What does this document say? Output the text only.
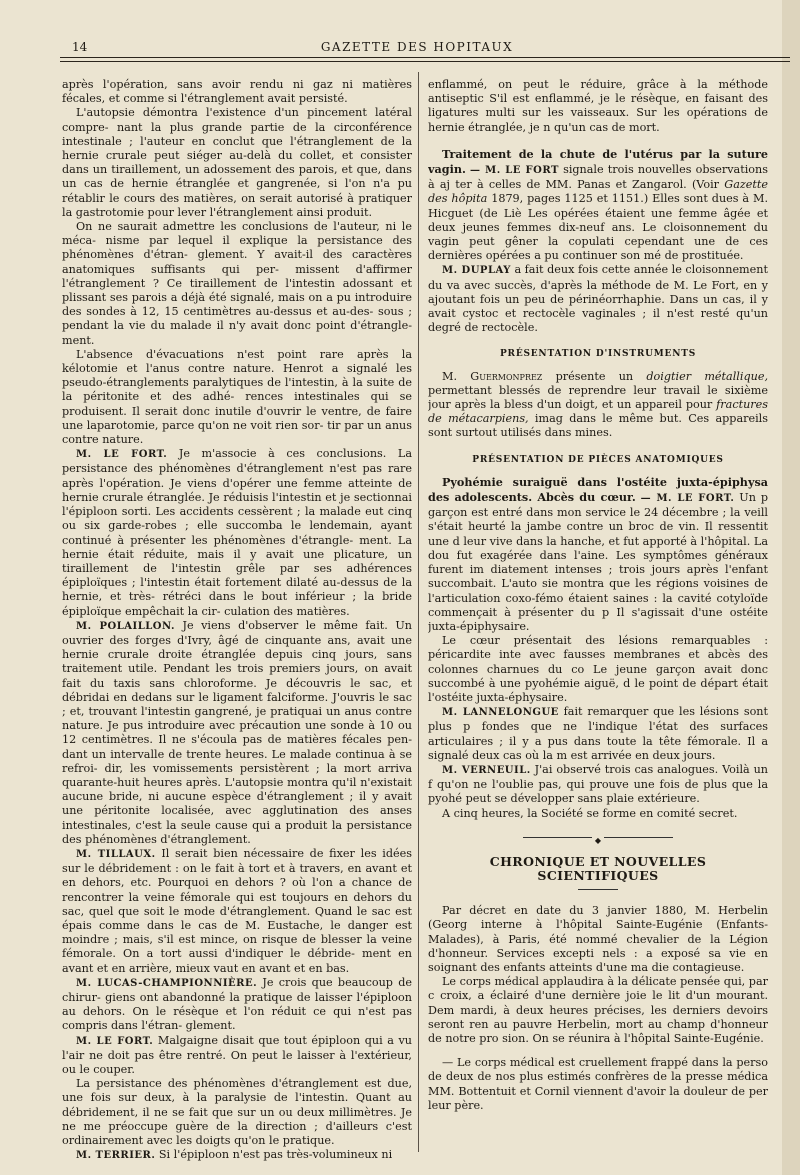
14	GAZETTE DES HOPITAUX

après l'opération, sans avoir rendu ni gaz ni matières fécales, et comme si l'étranglement avait persisté.

L'autopsie démontra l'existence d'un pincement latéral compre- nant la plus grande partie de la circonférence intestinale ; l'auteur en conclut que l'étranglement de la hernie crurale peut siéger au-delà du collet, et consister dans un tiraillement, un adossement des parois, et que, dans un cas de hernie étranglée et gangrenée, si l'on n'a pu rétablir le cours des matières, on serait autorisé à pratiquer la gastrotomie pour lever l'étranglement ainsi produit.

On ne saurait admettre les conclusions de l'auteur, ni le méca- nisme par lequel il explique la persistance des phénomènes d'étran- glement. Y avait-il des caractères anatomiques suffisants qui per- missent d'affirmer l'étranglement ? Ce tiraillement de l'intestin adossant et plissant ses parois a déjà été signalé, mais on a pu introduire des sondes à 12, 15 centimètres au-dessus et au-des- sous ; pendant la vie du malade il n'y avait donc point d'étrangle- ment.

L'absence d'évacuations n'est point rare après la kélotomie et l'anus contre nature. Henrot a signalé les pseudo-étranglements paralytiques de l'intestin, à la suite de la péritonite et des adhé- rences intestinales qui se produisent. Il serait donc inutile d'ouvrir le ventre, de faire une laparotomie, parce qu'on ne voit rien sor- tir par un anus contre nature.

M. LE FORT. Je m'associe à ces conclusions. La persistance des phénomènes d'étranglement n'est pas rare après l'opération. Je viens d'opérer une femme atteinte de hernie crurale étranglée. Je réduisis l'intestin et je sectionnai l'épiploon sorti. Les accidents cessèrent ; la malade eut cinq ou six garde-robes ; elle succomba le lendemain, ayant continué à présenter les phénomènes d'étrangle- ment. La hernie était réduite, mais il y avait une plicature, un tiraillement de l'intestin grêle par ses adhérences épiploïques ; l'intestin était fortement dilaté au-dessus de la hernie, et très- rétréci dans le bout inférieur ; la bride épiploïque empêchait la cir- culation des matières.

M. POLAILLON. Je viens d'observer le même fait. Un ouvrier des forges d'Ivry, âgé de cinquante ans, avait une hernie crurale droite étranglée depuis cinq jours, sans traitement utile. Pendant les trois premiers jours, on avait fait du taxis sans chloroforme. Je découvris le sac, et débridai en dedans sur le ligament falciforme. J'ouvris le sac ; et, trouvant l'intestin gangrené, je pratiquai un anus contre nature. Je pus introduire avec précaution une sonde à 10 ou 12 centimètres. Il ne s'écoula pas de matières fécales pen- dant un intervalle de trente heures. Le malade continua à se refroi- dir, les vomissements persistèrent ; la mort arriva quarante-huit heures après. L'autopsie montra qu'il n'existait aucune bride, ni aucune espèce d'étranglement ; il y avait une péritonite localisée, avec agglutination des anses intestinales, c'est la seule cause qui a produit la persistance des phénomènes d'étranglement.

M. TILLAUX. Il serait bien nécessaire de fixer les idées sur le débridement : on le fait à tort et à travers, en avant et en dehors, etc. Pourquoi en dehors ? où l'on a chance de rencontrer la veine fémorale qui est toujours en dehors du sac, quel que soit le mode d'étranglement. Quand le sac est épais comme dans le cas de M. Eustache, le danger est moindre ; mais, s'il est mince, on risque de blesser la veine fémorale. On a tort aussi d'indiquer le débride- ment en avant et en arrière, mieux vaut en avant et en bas.

M. LUCAS-CHAMPIONNIÈRE. Je crois que beaucoup de chirur- giens ont abandonné la pratique de laisser l'épiploon au dehors. On le résèque et l'on réduit ce qui n'est pas compris dans l'étran- glement.

M. LE FORT. Malgaigne disait que tout épiploon qui a vu l'air ne doit pas être rentré. On peut le laisser à l'extérieur, ou le couper.

La persistance des phénomènes d'étranglement est due, une fois sur deux, à la paralysie de l'intestin. Quant au débridement, il ne se fait que sur un ou deux millimètres. Je ne me préoccupe guère de la direction ; d'ailleurs c'est ordinairement avec les doigts qu'on le pratique.

M. TERRIER. Si l'épiploon n'est pas très-volumineux ni

enflammé, on peut le réduire, grâce à la méthode antiseptic S'il est enflammé, je le résèque, en faisant des ligatures multi sur les vaisseaux. Sur les opérations de hernie étranglée, je n qu'un cas de mort.

Traitement de la chute de l'utérus par la suture vagin. — M. LE FORT signale trois nouvelles observations à aj ter à celles de MM. Panas et Zangarol. (Voir Gazette des hôpita 1879, pages 1125 et 1151.) Elles sont dues à M. Hicguet (de Liè Les opérées étaient une femme âgée et deux jeunes femmes dix-neuf ans. Le cloisonnement du vagin peut gêner la copulati cependant une de ces dernières opérées a pu continuer son mé de prostituée.

M. DUPLAY a fait deux fois cette année le cloisonnement du va avec succès, d'après la méthode de M. Le Fort, en y ajoutant fois un peu de périnéorrhaphie. Dans un cas, il y avait cystoc et rectocèle vaginales ; il n'est resté qu'un degré de rectocèle.

PRÉSENTATION D'INSTRUMENTS

M. Guermonprez présente un doigtier métallique, permettant blessés de reprendre leur travail le sixième jour après la bless d'un doigt, et un appareil pour fractures de métacarpiens, imag dans le même but. Ces appareils sont surtout utilisés dans mines.

PRÉSENTATION DE PIÈCES ANATOMIQUES

Pyohémie suraiguë dans l'ostéite juxta-épiphysa des adolescents. Abcès du cœur. — M. LE FORT. Un p garçon est entré dans mon service le 24 décembre ; la veill s'était heurté la jambe contre un broc de vin. Il ressentit une d leur vive dans la hanche, et fut apporté à l'hôpital. La dou fut exagérée dans l'aine. Les symptômes généraux furent im diatement intenses ; trois jours après l'enfant succombait. L'auto sie montra que les régions voisines de l'articulation coxo-fémo étaient saines : la cavité cotyloïde commençait à présenter du p Il s'agissait d'une ostéite juxta-épiphysaire.

Le cœur présentait des lésions remarquables : péricardite inte avec fausses membranes et abcès des colonnes charnues du co Le jeune garçon avait donc succombé à une pyohémie aiguë, d le point de départ était l'ostéite juxta-éphysaire.

M. LANNELONGUE fait remarquer que les lésions sont plus p fondes que ne l'indique l'état des surfaces articulaires ; il y a pus dans toute la tête fémorale. Il a signalé deux cas où la m est arrivée en deux jours.

M. VERNEUIL. J'ai observé trois cas analogues. Voilà un f qu'on ne l'oublie pas, qui prouve une fois de plus que la pyohé peut se développer sans plaie extérieure.

A cinq heures, la Société se forme en comité secret.

◆
CHRONIQUE ET NOUVELLES SCIENTIFIQUES

Par décret en date du 3 janvier 1880, M. Herbelin (Georg interne à l'hôpital Sainte-Eugénie (Enfants-Malades), à Paris, été nommé chevalier de la Légion d'honneur. Services excepti nels : a exposé sa vie en soignant des enfants atteints d'une ma die contagieuse.

Le corps médical applaudira à la délicate pensée qui, par c croix, a éclairé d'une dernière joie le lit d'un mourant. Dem mardi, à deux heures précises, les derniers devoirs seront ren au pauvre Herbelin, mort au champ d'honneur de notre pro sion. On se réunira à l'hôpital Sainte-Eugénie.

— Le corps médical est cruellement frappé dans la perso de deux de nos plus estimés confrères de la presse médica MM. Bottentuit et Cornil viennent d'avoir la douleur de per leur père.
